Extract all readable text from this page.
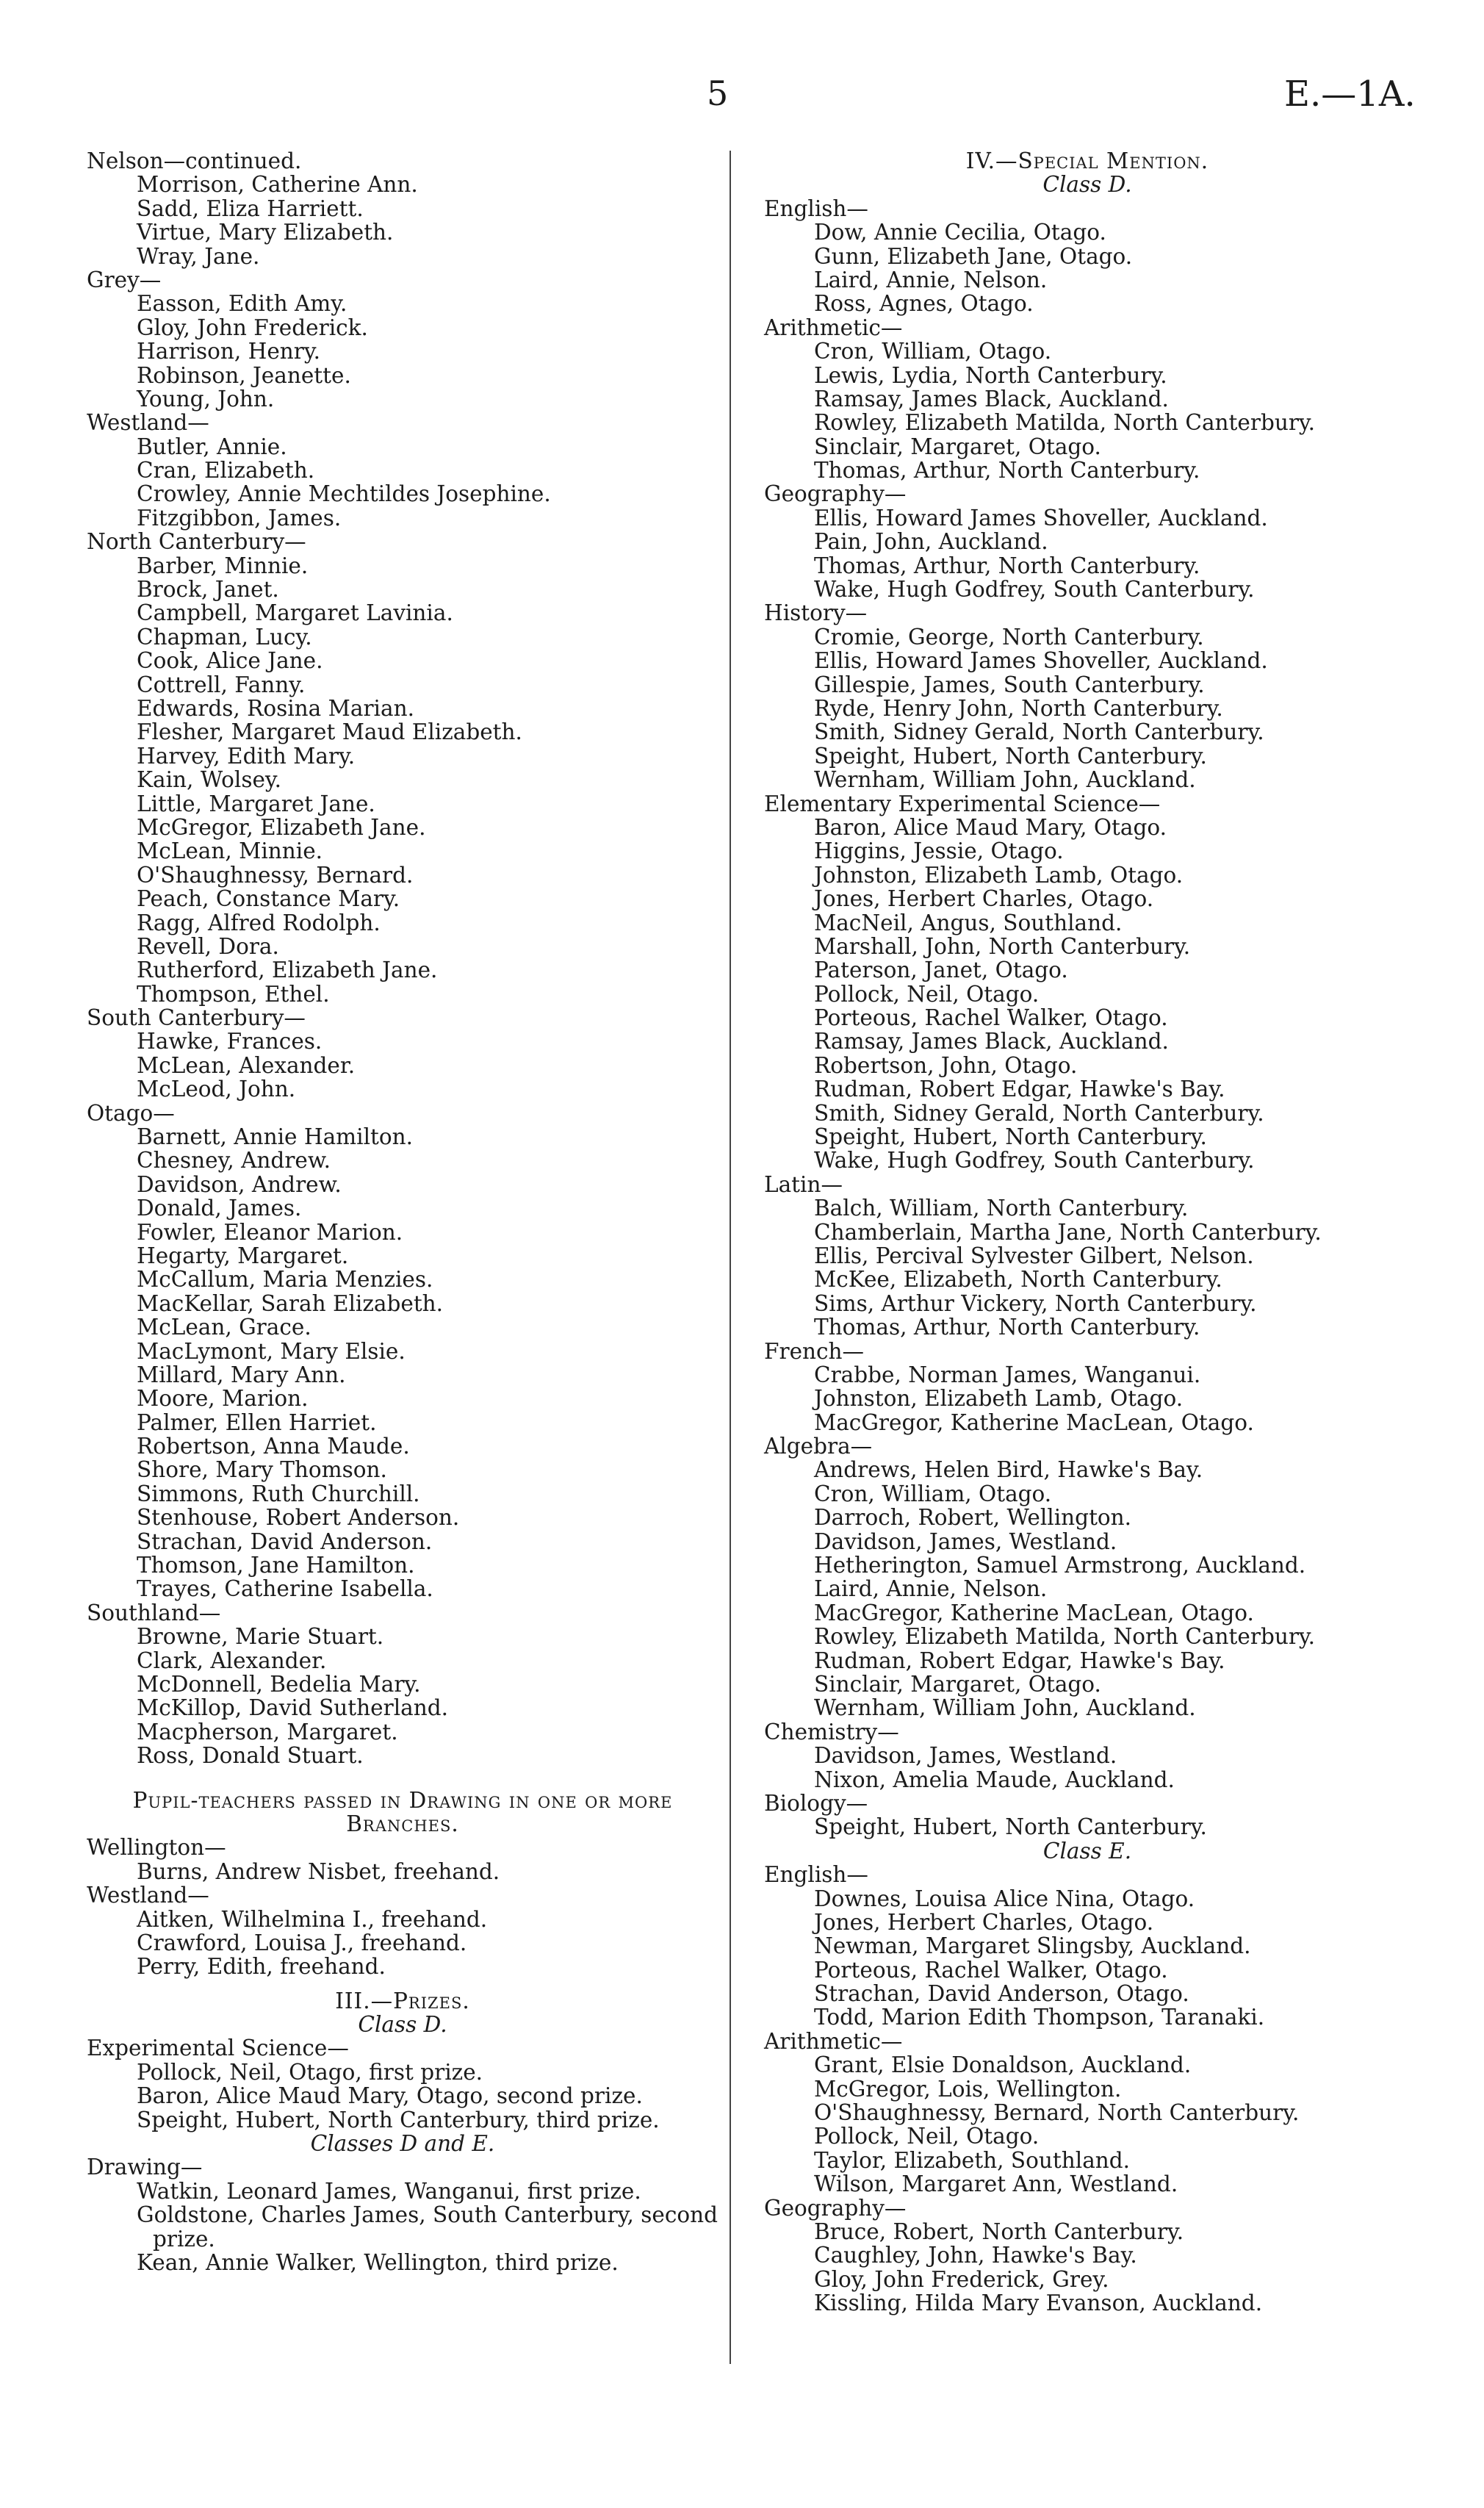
5	E.—1A.
Nelson—continued.
Morrison, Catherine Ann.
Sadd, Eliza Harriett.
Virtue, Mary Elizabeth.
Wray, Jane.
Grey—
Easson, Edith Amy.
Gloy, John Frederick.
Harrison, Henry.
Robinson, Jeanette.
Young, John.
Westland—
Butler, Annie.
Cran, Elizabeth.
Crowley, Annie Mechtildes Josephine.
Fitzgibbon, James.
North Canterbury—
Barber, Minnie.
Brock, Janet.
Campbell, Margaret Lavinia.
Chapman, Lucy.
Cook, Alice Jane.
Cottrell, Fanny.
Edwards, Rosina Marian.
Flesher, Margaret Maud Elizabeth.
Harvey, Edith Mary.
Kain, Wolsey.
Little, Margaret Jane.
McGregor, Elizabeth Jane.
McLean, Minnie.
O'Shaughnessy, Bernard.
Peach, Constance Mary.
Ragg, Alfred Rodolph.
Revell, Dora.
Rutherford, Elizabeth Jane.
Thompson, Ethel.
South Canterbury—
Hawke, Frances.
McLean, Alexander.
McLeod, John.
Otago—
Barnett, Annie Hamilton.
Chesney, Andrew.
Davidson, Andrew.
Donald, James.
Fowler, Eleanor Marion.
Hegarty, Margaret.
McCallum, Maria Menzies.
MacKellar, Sarah Elizabeth.
McLean, Grace.
MacLymont, Mary Elsie.
Millard, Mary Ann.
Moore, Marion.
Palmer, Ellen Harriet.
Robertson, Anna Maude.
Shore, Mary Thomson.
Simmons, Ruth Churchill.
Stenhouse, Robert Anderson.
Strachan, David Anderson.
Thomson, Jane Hamilton.
Trayes, Catherine Isabella.
Southland—
Browne, Marie Stuart.
Clark, Alexander.
McDonnell, Bedelia Mary.
McKillop, David Sutherland.
Macpherson, Margaret.
Ross, Donald Stuart.
Pupil-teachers passed in Drawing in one or more
Branches.
Wellington—
Burns, Andrew Nisbet, freehand.
Westland—
Aitken, Wilhelmina I., freehand.
Crawford, Louisa J., freehand.
Perry, Edith, freehand.
III.—Prizes.
Class D.
Experimental Science—
Pollock, Neil, Otago, first prize.
Baron, Alice Maud Mary, Otago, second prize.
Speight, Hubert, North Canterbury, third prize.
Classes D and E.
Drawing—
Watkin, Leonard James, Wanganui, first prize.
Goldstone, Charles James, South Canterbury, second
prize.
Kean, Annie Walker, Wellington, third prize.
IV.—Special Mention.
Class D.
English—
Dow, Annie Cecilia, Otago.
Gunn, Elizabeth Jane, Otago.
Laird, Annie, Nelson.
Ross, Agnes, Otago.
Arithmetic—
Cron, William, Otago.
Lewis, Lydia, North Canterbury.
Ramsay, James Black, Auckland.
Rowley, Elizabeth Matilda, North Canterbury.
Sinclair, Margaret, Otago.
Thomas, Arthur, North Canterbury.
Geography—
Ellis, Howard James Shoveller, Auckland.
Pain, John, Auckland.
Thomas, Arthur, North Canterbury.
Wake, Hugh Godfrey, South Canterbury.
History—
Cromie, George, North Canterbury.
Ellis, Howard James Shoveller, Auckland.
Gillespie, James, South Canterbury.
Ryde, Henry John, North Canterbury.
Smith, Sidney Gerald, North Canterbury.
Speight, Hubert, North Canterbury.
Wernham, William John, Auckland.
Elementary Experimental Science—
Baron, Alice Maud Mary, Otago.
Higgins, Jessie, Otago.
Johnston, Elizabeth Lamb, Otago.
Jones, Herbert Charles, Otago.
MacNeil, Angus, Southland.
Marshall, John, North Canterbury.
Paterson, Janet, Otago.
Pollock, Neil, Otago.
Porteous, Rachel Walker, Otago.
Ramsay, James Black, Auckland.
Robertson, John, Otago.
Rudman, Robert Edgar, Hawke's Bay.
Smith, Sidney Gerald, North Canterbury.
Speight, Hubert, North Canterbury.
Wake, Hugh Godfrey, South Canterbury.
Latin—
Balch, William, North Canterbury.
Chamberlain, Martha Jane, North Canterbury.
Ellis, Percival Sylvester Gilbert, Nelson.
McKee, Elizabeth, North Canterbury.
Sims, Arthur Vickery, North Canterbury.
Thomas, Arthur, North Canterbury.
French—
Crabbe, Norman James, Wanganui.
Johnston, Elizabeth Lamb, Otago.
MacGregor, Katherine MacLean, Otago.
Algebra—
Andrews, Helen Bird, Hawke's Bay.
Cron, William, Otago.
Darroch, Robert, Wellington.
Davidson, James, Westland.
Hetherington, Samuel Armstrong, Auckland.
Laird, Annie, Nelson.
MacGregor, Katherine MacLean, Otago.
Rowley, Elizabeth Matilda, North Canterbury.
Rudman, Robert Edgar, Hawke's Bay.
Sinclair, Margaret, Otago.
Wernham, William John, Auckland.
Chemistry—
Davidson, James, Westland.
Nixon, Amelia Maude, Auckland.
Biology—
Speight, Hubert, North Canterbury.
Class E.
English—
Downes, Louisa Alice Nina, Otago.
Jones, Herbert Charles, Otago.
Newman, Margaret Slingsby, Auckland.
Porteous, Rachel Walker, Otago.
Strachan, David Anderson, Otago.
Todd, Marion Edith Thompson, Taranaki.
Arithmetic—
Grant, Elsie Donaldson, Auckland.
McGregor, Lois, Wellington.
O'Shaughnessy, Bernard, North Canterbury.
Pollock, Neil, Otago.
Taylor, Elizabeth, Southland.
Wilson, Margaret Ann, Westland.
Geography—
Bruce, Robert, North Canterbury.
Caughley, John, Hawke's Bay.
Gloy, John Frederick, Grey.
Kissling, Hilda Mary Evanson, Auckland.
